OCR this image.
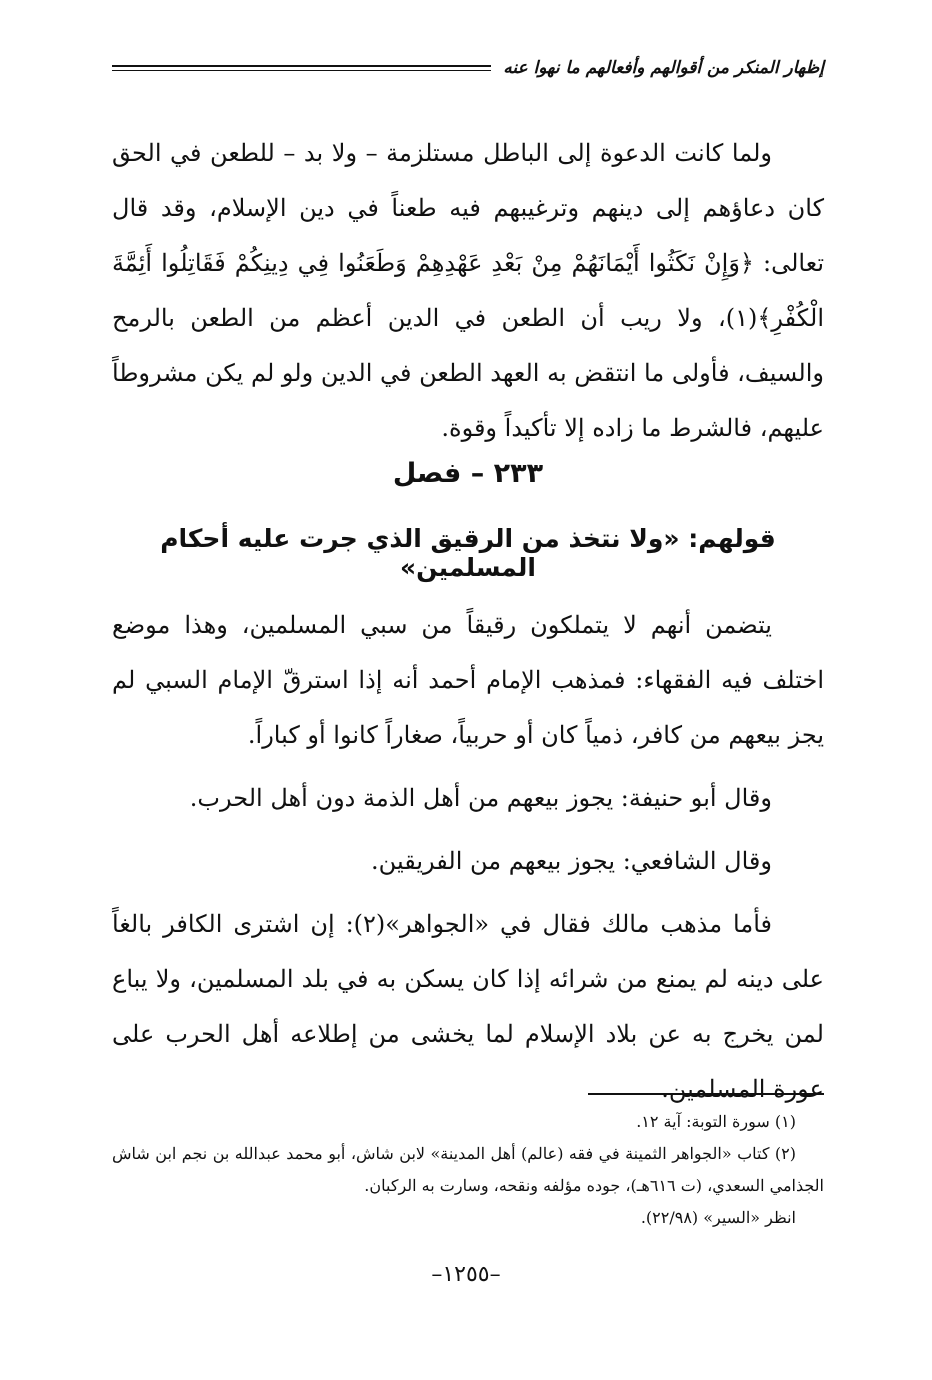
إظهار المنكر من أقوالهم وأفعالهم ما نهوا عنه

ولما كانت الدعوة إلى الباطل مستلزمة – ولا بد – للطعن في الحق كان دعاؤهم إلى دينهم وترغيبهم فيه طعناً في دين الإسلام، وقد قال تعالى: ﴿وَإِنْ نَكَثُوا أَيْمَانَهُمْ مِنْ بَعْدِ عَهْدِهِمْ وَطَعَنُوا فِي دِينِكُمْ فَقَاتِلُوا أَئِمَّةَ الْكُفْرِ﴾(١)، ولا ريب أن الطعن في الدين أعظم من الطعن بالرمح والسيف، فأولى ما انتقض به العهد الطعن في الدين ولو لم يكن مشروطاً عليهم، فالشرط ما زاده إلا تأكيداً وقوة.

٢٣٣ – فصل
قولهم: «ولا نتخذ من الرقيق الذي جرت عليه أحكام المسلمين»

يتضمن أنهم لا يتملكون رقيقاً من سبي المسلمين، وهذا موضع اختلف فيه الفقهاء: فمذهب الإمام أحمد أنه إذا استرقّ الإمام السبي لم يجز بيعهم من كافر، ذمياً كان أو حربياً، صغاراً كانوا أو كباراً.

وقال أبو حنيفة: يجوز بيعهم من أهل الذمة دون أهل الحرب.

وقال الشافعي: يجوز بيعهم من الفريقين.

فأما مذهب مالك فقال في «الجواهر»(٢): إن اشترى الكافر بالغاً على دينه لم يمنع من شرائه إذا كان يسكن به في بلد المسلمين، ولا يباع لمن يخرج به عن بلاد الإسلام لما يخشى من إطلاعه أهل الحرب على عورة المسلمين.

(١) سورة التوبة: آية ١٢.

(٢) كتاب «الجواهر الثمينة في فقه (عالم) أهل المدينة» لابن شاش، أبو محمد عبدالله بن نجم ابن شاش الجذامي السعدي، (ت ٦١٦هـ)، جوده مؤلفه ونقحه، وسارت به الركبان.

انظر «السير» (٢٢/٩٨).

–١٢٥٥–
